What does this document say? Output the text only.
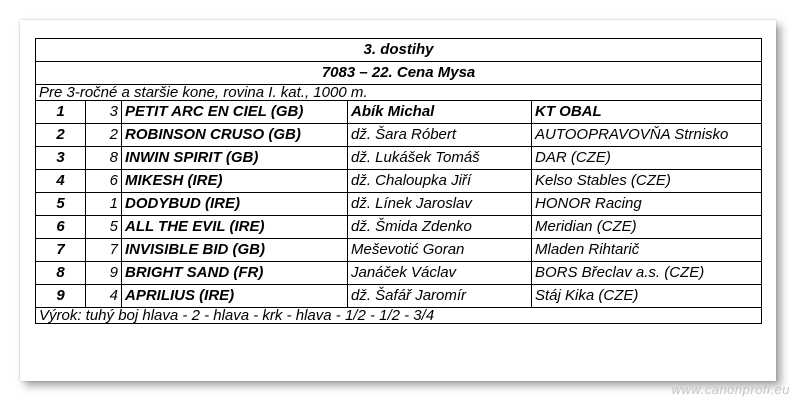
3. dostihy				
7083 – 22. Cena Mysa				
Pre 3-ročné a staršie kone, rovina I. kat., 1000 m.				
1	3	PETIT ARC EN CIEL (GB)	Abík Michal	KT OBAL
2	2	ROBINSON CRUSO (GB)	dž. Šara Róbert	AUTOOPRAVOVŇA Strnisko
3	8	INWIN SPIRIT (GB)	dž. Lukášek Tomáš	DAR (CZE)
4	6	MIKESH (IRE)	dž. Chaloupka Jiří	Kelso Stables (CZE)
5	1	DODYBUD (IRE)	dž. Línek Jaroslav	HONOR Racing
6	5	ALL THE EVIL (IRE)	dž. Šmida Zdenko	Meridian (CZE)
7	7	INVISIBLE BID (GB)	Meševotić Goran	Mladen Rihtarič
8	9	BRIGHT SAND (FR)	Janáček Václav	BORS Břeclav a.s. (CZE)
9	4	APRILIUS (IRE)	dž. Šafář Jaromír	Stáj Kika (CZE)
Výrok: tuhý boj hlava - 2 - hlava - krk - hlava - 1/2 - 1/2 - 3/4				
www.canonprofi.eu
